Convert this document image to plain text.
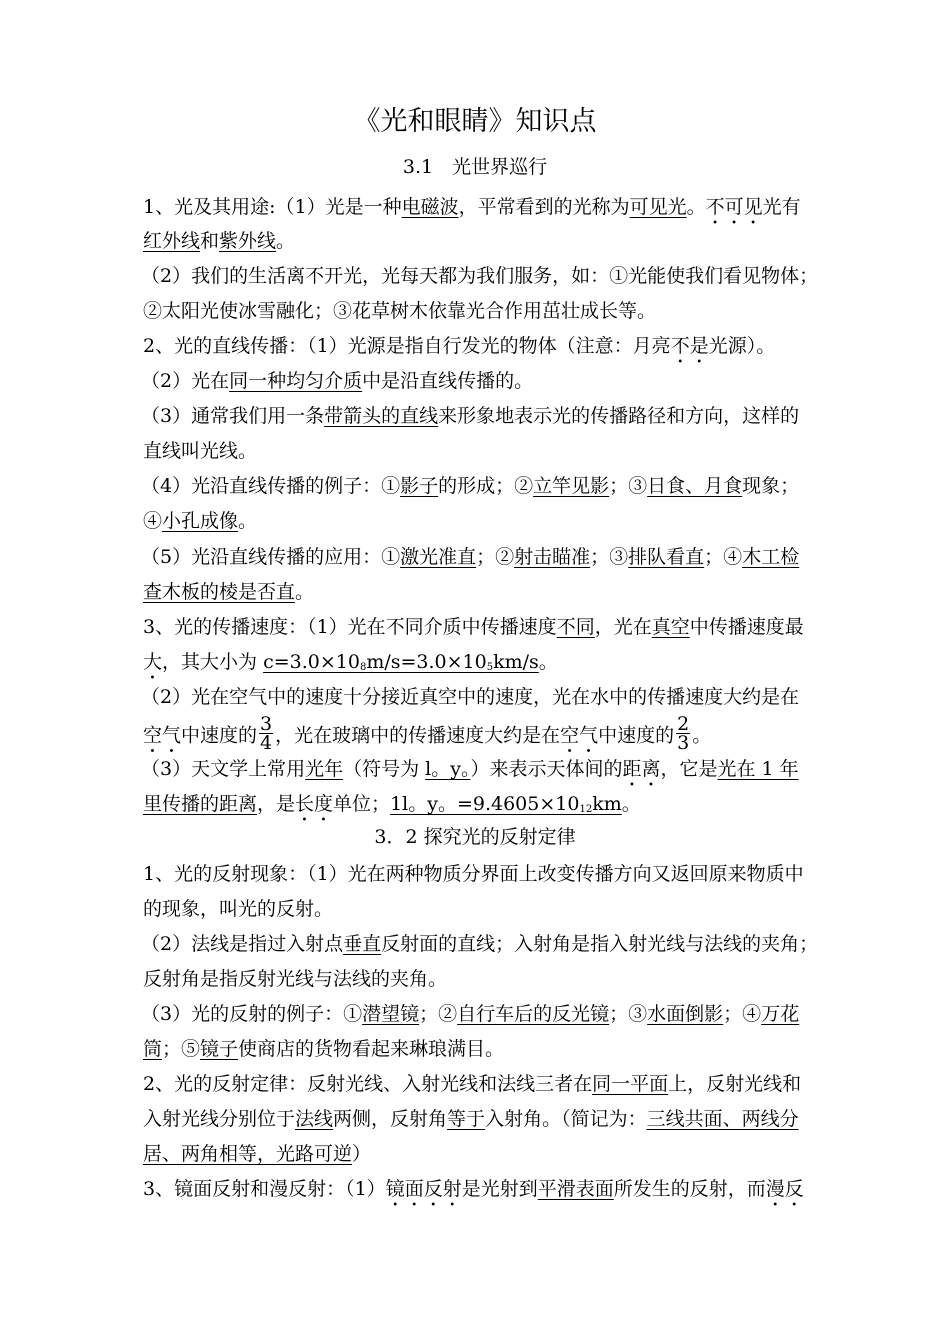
《光和眼睛》知识点
3.1　光世界巡行
1、光及其用途:（1）光是一种电磁波，平常看到的光称为可见光。不可见光有
红外线和紫外线。
（2）我们的生活离不开光，光每天都为我们服务，如：①光能使我们看见物体；
②太阳光使冰雪融化；③花草树木依靠光合作用茁壮成长等。
2、光的直线传播：（1）光源是指自行发光的物体（注意：月亮不是光源）。
（2）光在同一种均匀介质中是沿直线传播的。
（3）通常我们用一条带箭头的直线来形象地表示光的传播路径和方向，这样的
直线叫光线。
（4）光沿直线传播的例子：①影子的形成；②立竿见影；③日食、月食现象；
④小孔成像。
（5）光沿直线传播的应用：①激光准直；②射击瞄准；③排队看直；④木工检
查木板的棱是否直。
3、光的传播速度：（1）光在不同介质中传播速度不同，光在真空中传播速度最
大，其大小为 $c=3.0\times 10_8m/s=3.0\times 10_5km/s$。
（2）光在空气中的速度十分接近真空中的速度，光在水中的传播速度大约是在
空气中速度的 $\frac{3}{4}$ ，光在玻璃中的传播速度大约是在空气中速度的 $\frac{2}{3}$ 。
（3）天文学上常用光年（符号为 l。y。）来表示天体间的距离，它是光在 1 年
里传播的距离，是长度单位；1l。y。$=9.4605\times 10_{12}km$。
3．2 探究光的反射定律
1、光的反射现象：（1）光在两种物质分界面上改变传播方向又返回原来物质中
的现象，叫光的反射。
（2）法线是指过入射点垂直反射面的直线；入射角是指入射光线与法线的夹角；
反射角是指反射光线与法线的夹角。
（3）光的反射的例子：①潜望镜；②自行车后的反光镜；③水面倒影；④万花
筒；⑤镜子使商店的货物看起来琳琅满目。
2、光的反射定律：反射光线、入射光线和法线三者在同一平面上，反射光线和
入射光线分别位于法线两侧，反射角等于入射角。（简记为：三线共面、两线分
居、两角相等，光路可逆）
3、镜面反射和漫反射：（1）镜面反射是光射到平滑表面所发生的反射，而漫反
